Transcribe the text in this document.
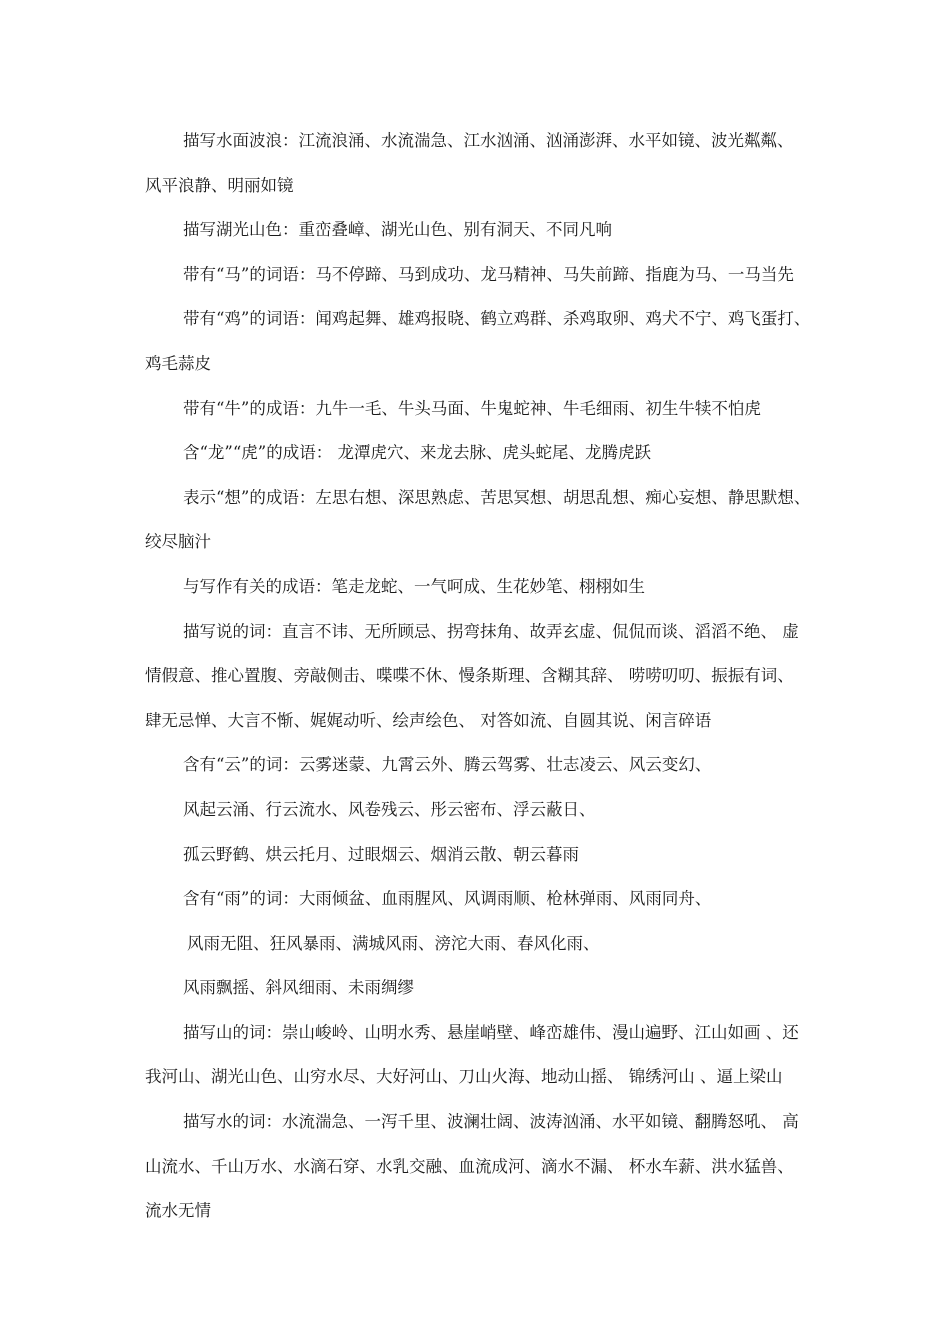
描写水面波浪：江流浪涌、水流湍急、江水汹涌、汹涌澎湃、水平如镜、波光粼粼、
风平浪静、明丽如镜
描写湖光山色：重峦叠嶂、湖光山色、别有洞天、不同凡响
带有“马”的词语：马不停蹄、马到成功、龙马精神、马失前蹄、指鹿为马、一马当先
带有“鸡”的词语：闻鸡起舞、雄鸡报晓、鹤立鸡群、杀鸡取卵、鸡犬不宁、鸡飞蛋打、
鸡毛蒜皮
带有“牛”的成语：九牛一毛、牛头马面、牛鬼蛇神、牛毛细雨、初生牛犊不怕虎
含“龙”“虎”的成语： 龙潭虎穴、来龙去脉、虎头蛇尾、龙腾虎跃
表示“想”的成语：左思右想、深思熟虑、苦思冥想、胡思乱想、痴心妄想、静思默想、
绞尽脑汁
与写作有关的成语：笔走龙蛇、一气呵成、生花妙笔、栩栩如生
描写说的词：直言不讳、无所顾忌、拐弯抹角、故弄玄虚、侃侃而谈、滔滔不绝、 虚
情假意、推心置腹、旁敲侧击、喋喋不休、慢条斯理、含糊其辞、 唠唠叨叨、振振有词、
肆无忌惮、大言不惭、娓娓动听、绘声绘色、 对答如流、自圆其说、闲言碎语
含有“云”的词：云雾迷蒙、九霄云外、腾云驾雾、壮志凌云、风云变幻、
风起云涌、行云流水、风卷残云、彤云密布、浮云蔽日、
孤云野鹤、烘云托月、过眼烟云、烟消云散、朝云暮雨
含有“雨”的词：大雨倾盆、血雨腥风、风调雨顺、枪林弹雨、风雨同舟、
风雨无阻、狂风暴雨、满城风雨、滂沱大雨、春风化雨、
风雨飘摇、斜风细雨、未雨绸缪
描写山的词：崇山峻岭、山明水秀、悬崖峭壁、峰峦雄伟、漫山遍野、江山如画 、还
我河山、湖光山色、山穷水尽、大好河山、刀山火海、地动山摇、 锦绣河山 、逼上梁山
描写水的词：水流湍急、一泻千里、波澜壮阔、波涛汹涌、水平如镜、翻腾怒吼、 高
山流水、千山万水、水滴石穿、水乳交融、血流成河、滴水不漏、 杯水车薪、洪水猛兽、
流水无情
